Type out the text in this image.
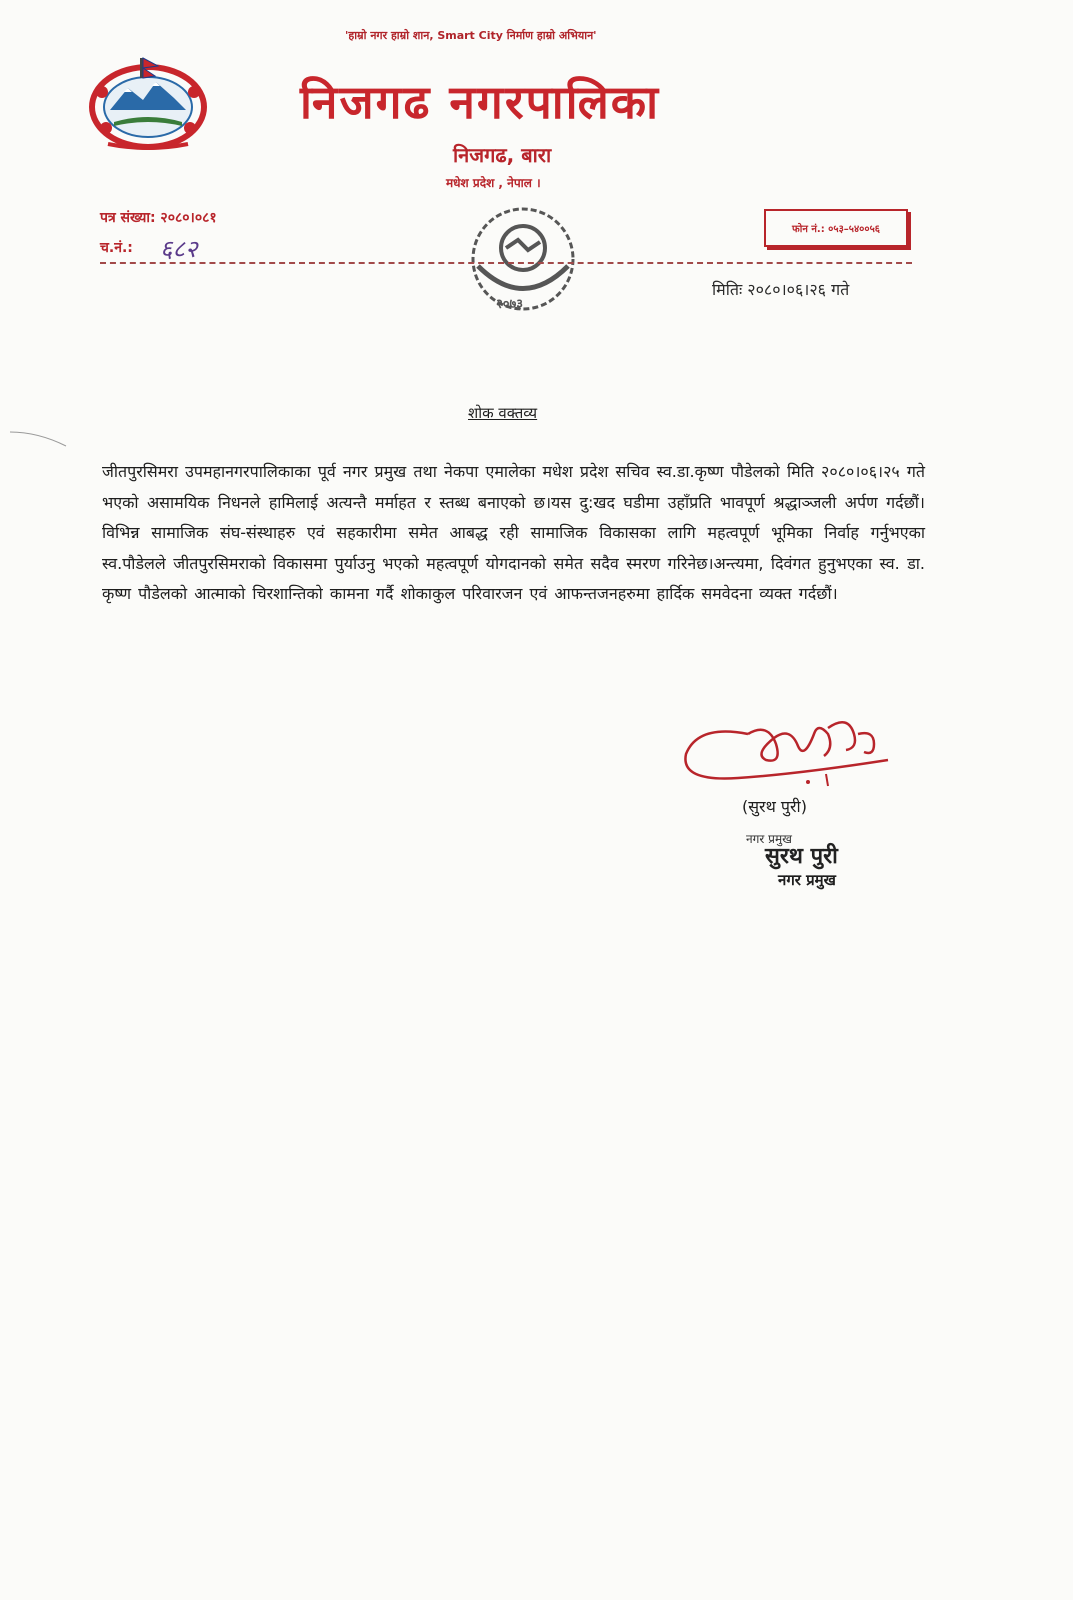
'हाम्रो नगर हाम्रो शान, Smart City निर्माण हाम्रो अभियान'
निजगढ नगरपालिका
निजगढ, बारा
मधेश प्रदेश , नेपाल ।
पत्र संख्या: २०८०।०८१
च.नं.: ६८२
फोन नं.: ०५३–५४००५६
२०७३
मितिः २०८०।०६।२६ गते
शोक वक्तव्य
जीतपुरसिमरा उपमहानगरपालिकाका पूर्व नगर प्रमुख तथा नेकपा एमालेका मधेश प्रदेश सचिव स्व.डा.कृष्ण पौडेलको मिति २०८०।०६।२५ गते भएको असामयिक निधनले हामिलाई अत्यन्तै मर्माहत र स्तब्ध बनाएको छ।यस दु:खद घडीमा उहाँप्रति भावपूर्ण श्रद्धाञ्जली अर्पण गर्दछौं।विभिन्न सामाजिक संघ-संस्थाहरु एवं सहकारीमा समेत आबद्ध रही सामाजिक विकासका लागि महत्वपूर्ण भूमिका निर्वाह गर्नुभएका स्व.पौडेलले जीतपुरसिमराको विकासमा पुर्याउनु भएको महत्वपूर्ण योगदानको समेत सदैव स्मरण गरिनेछ।अन्त्यमा, दिवंगत हुनुभएका स्व. डा. कृष्ण पौडेलको आत्माको चिरशान्तिको कामना गर्दै शोकाकुल परिवारजन एवं आफन्तजनहरुमा हार्दिक समवेदना व्यक्त गर्दछौं।
(सुरथ पुरी)
नगर प्रमुख
सुरथ पुरी
नगर प्रमुख
